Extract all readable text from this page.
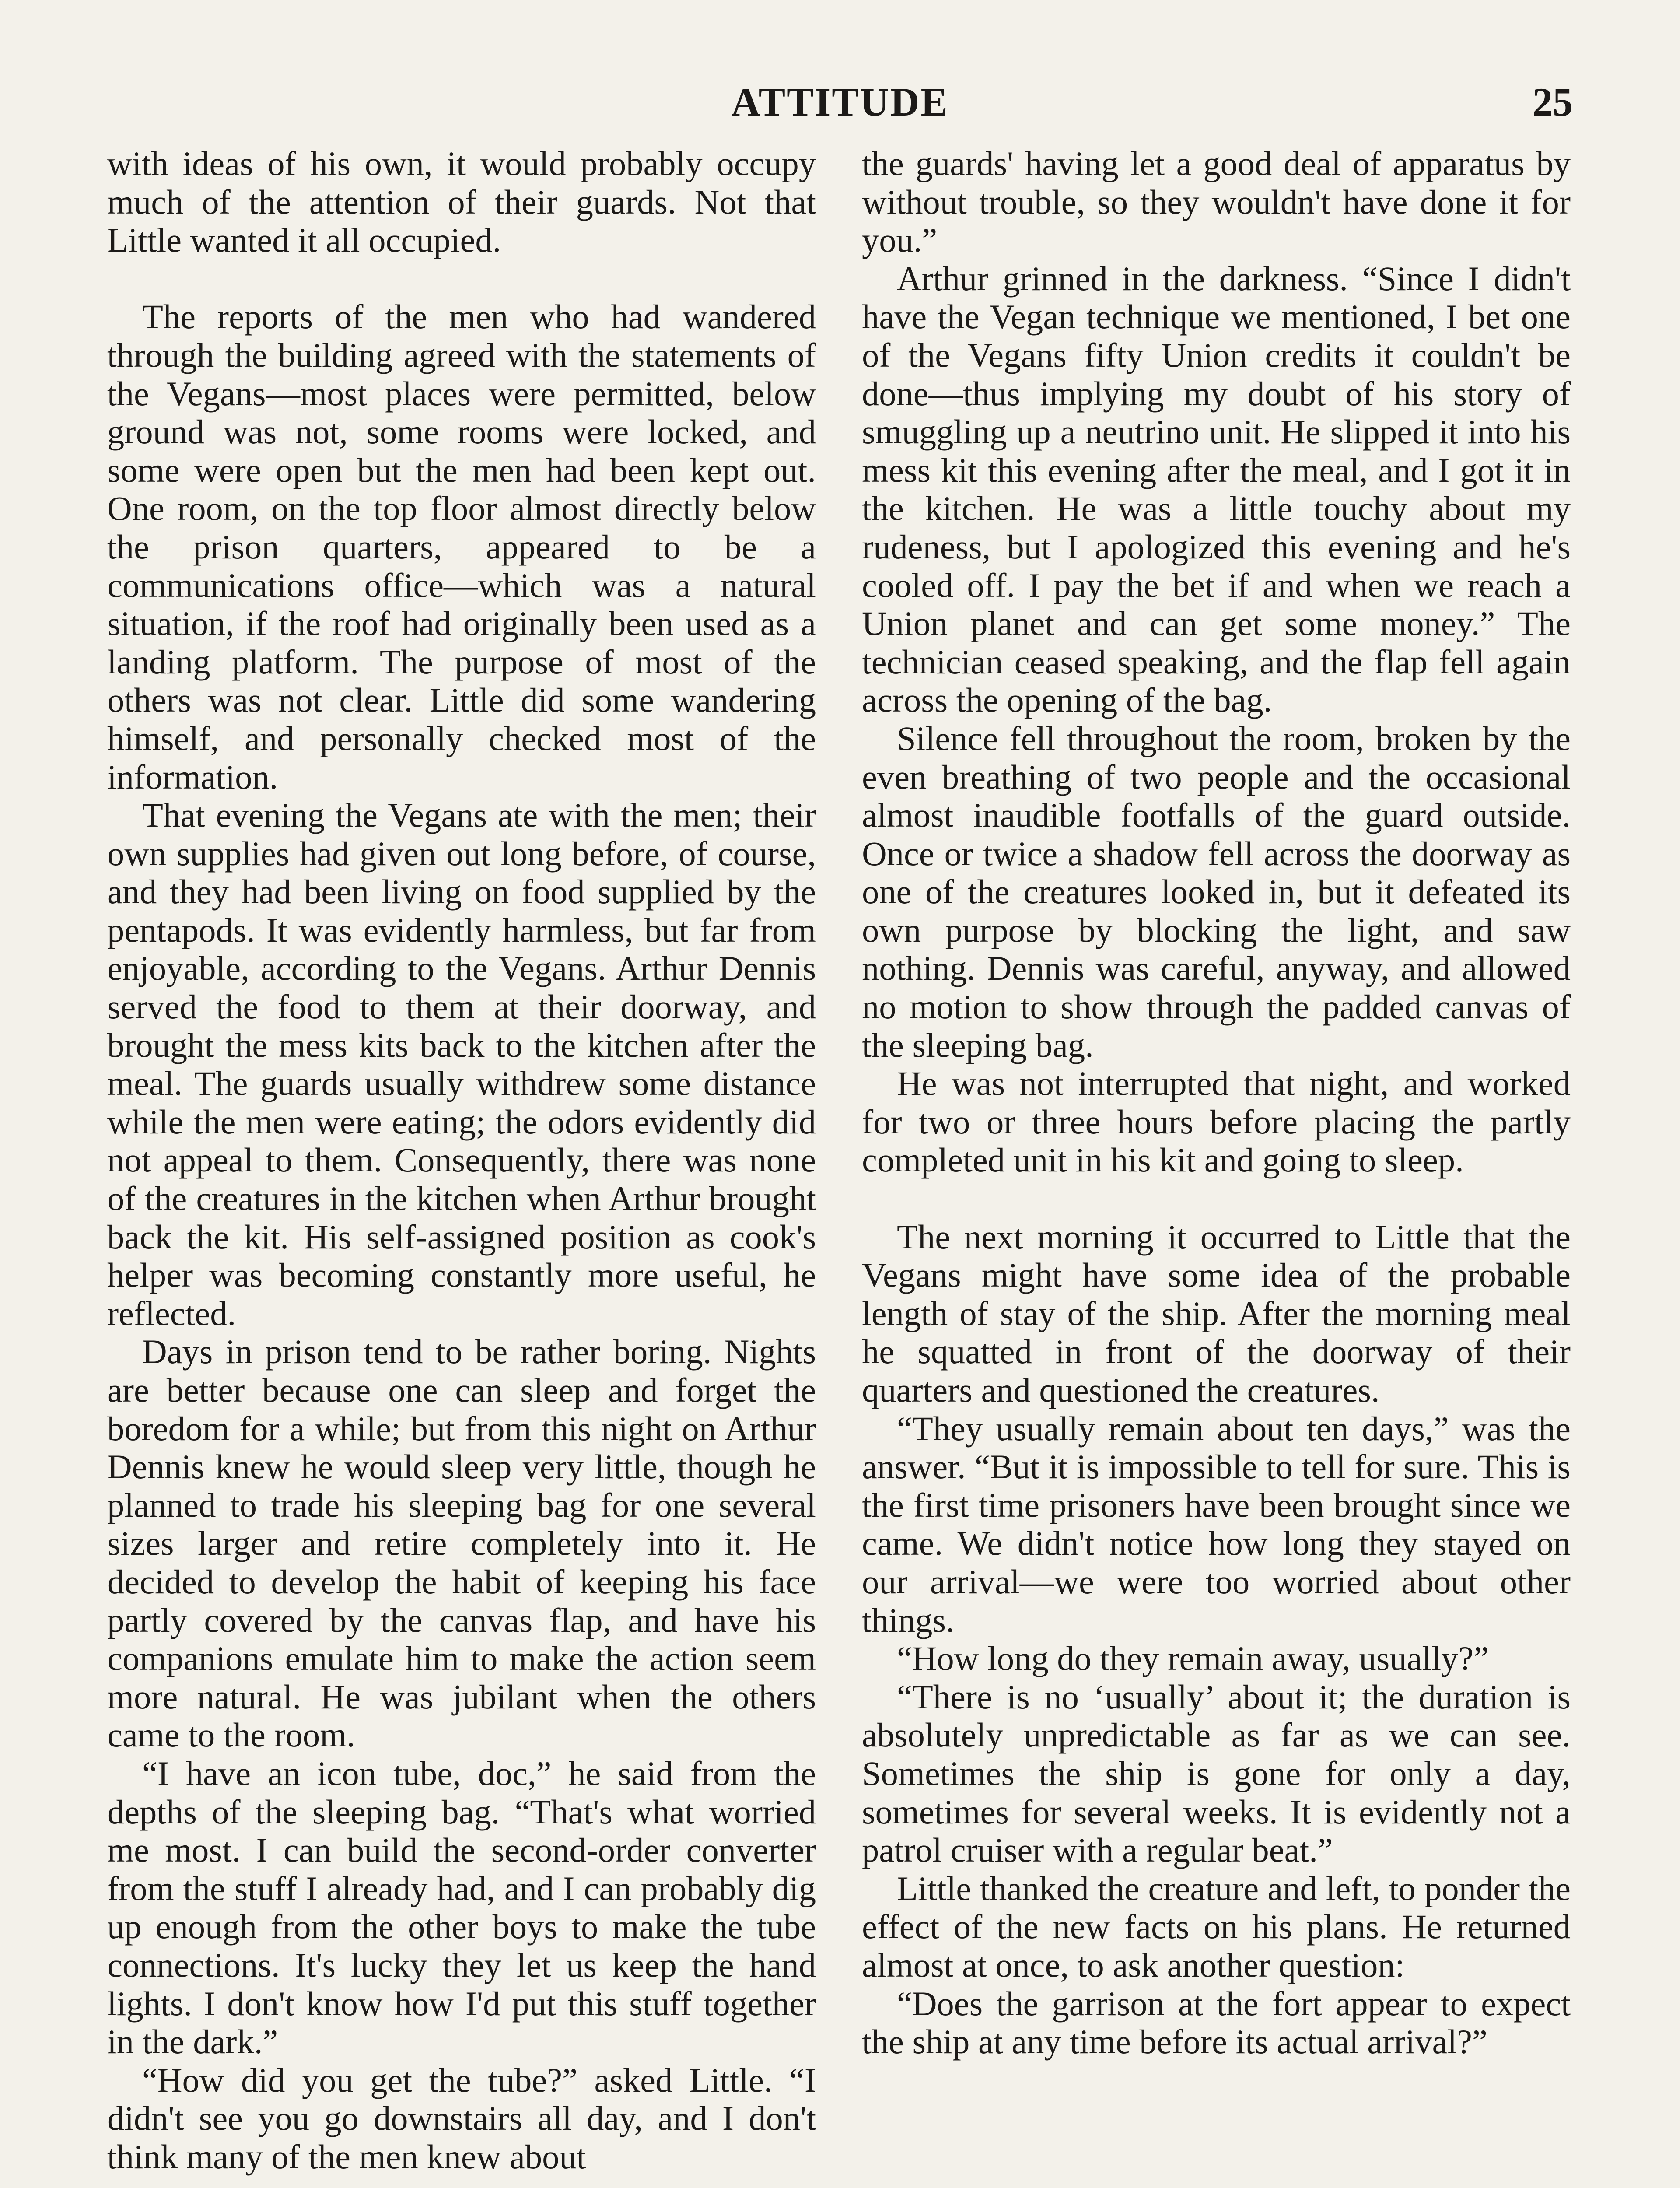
ATTITUDE	25

with ideas of his own, it would probably occupy much of the attention of their guards. Not that Little wanted it all occupied.

The reports of the men who had wandered through the building agreed with the statements of the Vegans—most places were permitted, below ground was not, some rooms were locked, and some were open but the men had been kept out. One room, on the top floor almost directly below the prison quarters, appeared to be a communications office—which was a natural situation, if the roof had originally been used as a landing platform. The purpose of most of the others was not clear. Little did some wandering himself, and personally checked most of the information.

That evening the Vegans ate with the men; their own supplies had given out long before, of course, and they had been living on food supplied by the pentapods. It was evidently harmless, but far from enjoyable, according to the Vegans. Arthur Dennis served the food to them at their doorway, and brought the mess kits back to the kitchen after the meal. The guards usually withdrew some distance while the men were eating; the odors evidently did not appeal to them. Consequently, there was none of the creatures in the kitchen when Arthur brought back the kit. His self-assigned position as cook's helper was becoming constantly more useful, he reflected.

Days in prison tend to be rather boring. Nights are better because one can sleep and forget the boredom for a while; but from this night on Arthur Dennis knew he would sleep very little, though he planned to trade his sleeping bag for one several sizes larger and retire completely into it. He decided to develop the habit of keeping his face partly covered by the canvas flap, and have his companions emulate him to make the action seem more natural. He was jubilant when the others came to the room.

“I have an icon tube, doc,” he said from the depths of the sleeping bag. “That's what worried me most. I can build the second-order converter from the stuff I already had, and I can probably dig up enough from the other boys to make the tube connections. It's lucky they let us keep the hand lights. I don't know how I'd put this stuff together in the dark.”

“How did you get the tube?” asked Little. “I didn't see you go downstairs all day, and I don't think many of the men knew about

the guards' having let a good deal of apparatus by without trouble, so they wouldn't have done it for you.”

Arthur grinned in the darkness. “Since I didn't have the Vegan technique we mentioned, I bet one of the Vegans fifty Union credits it couldn't be done—thus implying my doubt of his story of smuggling up a neutrino unit. He slipped it into his mess kit this evening after the meal, and I got it in the kitchen. He was a little touchy about my rudeness, but I apologized this evening and he's cooled off. I pay the bet if and when we reach a Union planet and can get some money.” The technician ceased speaking, and the flap fell again across the opening of the bag.

Silence fell throughout the room, broken by the even breathing of two people and the occasional almost inaudible footfalls of the guard outside. Once or twice a shadow fell across the doorway as one of the creatures looked in, but it defeated its own purpose by blocking the light, and saw nothing. Dennis was careful, anyway, and allowed no motion to show through the padded canvas of the sleeping bag.

He was not interrupted that night, and worked for two or three hours before placing the partly completed unit in his kit and going to sleep.

The next morning it occurred to Little that the Vegans might have some idea of the probable length of stay of the ship. After the morning meal he squatted in front of the doorway of their quarters and questioned the creatures.

“They usually remain about ten days,” was the answer. “But it is impossible to tell for sure. This is the first time prisoners have been brought since we came. We didn't notice how long they stayed on our arrival—we were too worried about other things.

“How long do they remain away, usually?”

“There is no ‘usually’ about it; the duration is absolutely unpredictable as far as we can see. Sometimes the ship is gone for only a day, sometimes for several weeks. It is evidently not a patrol cruiser with a regular beat.”

Little thanked the creature and left, to ponder the effect of the new facts on his plans. He returned almost at once, to ask another question:

“Does the garrison at the fort appear to expect the ship at any time before its actual arrival?”
